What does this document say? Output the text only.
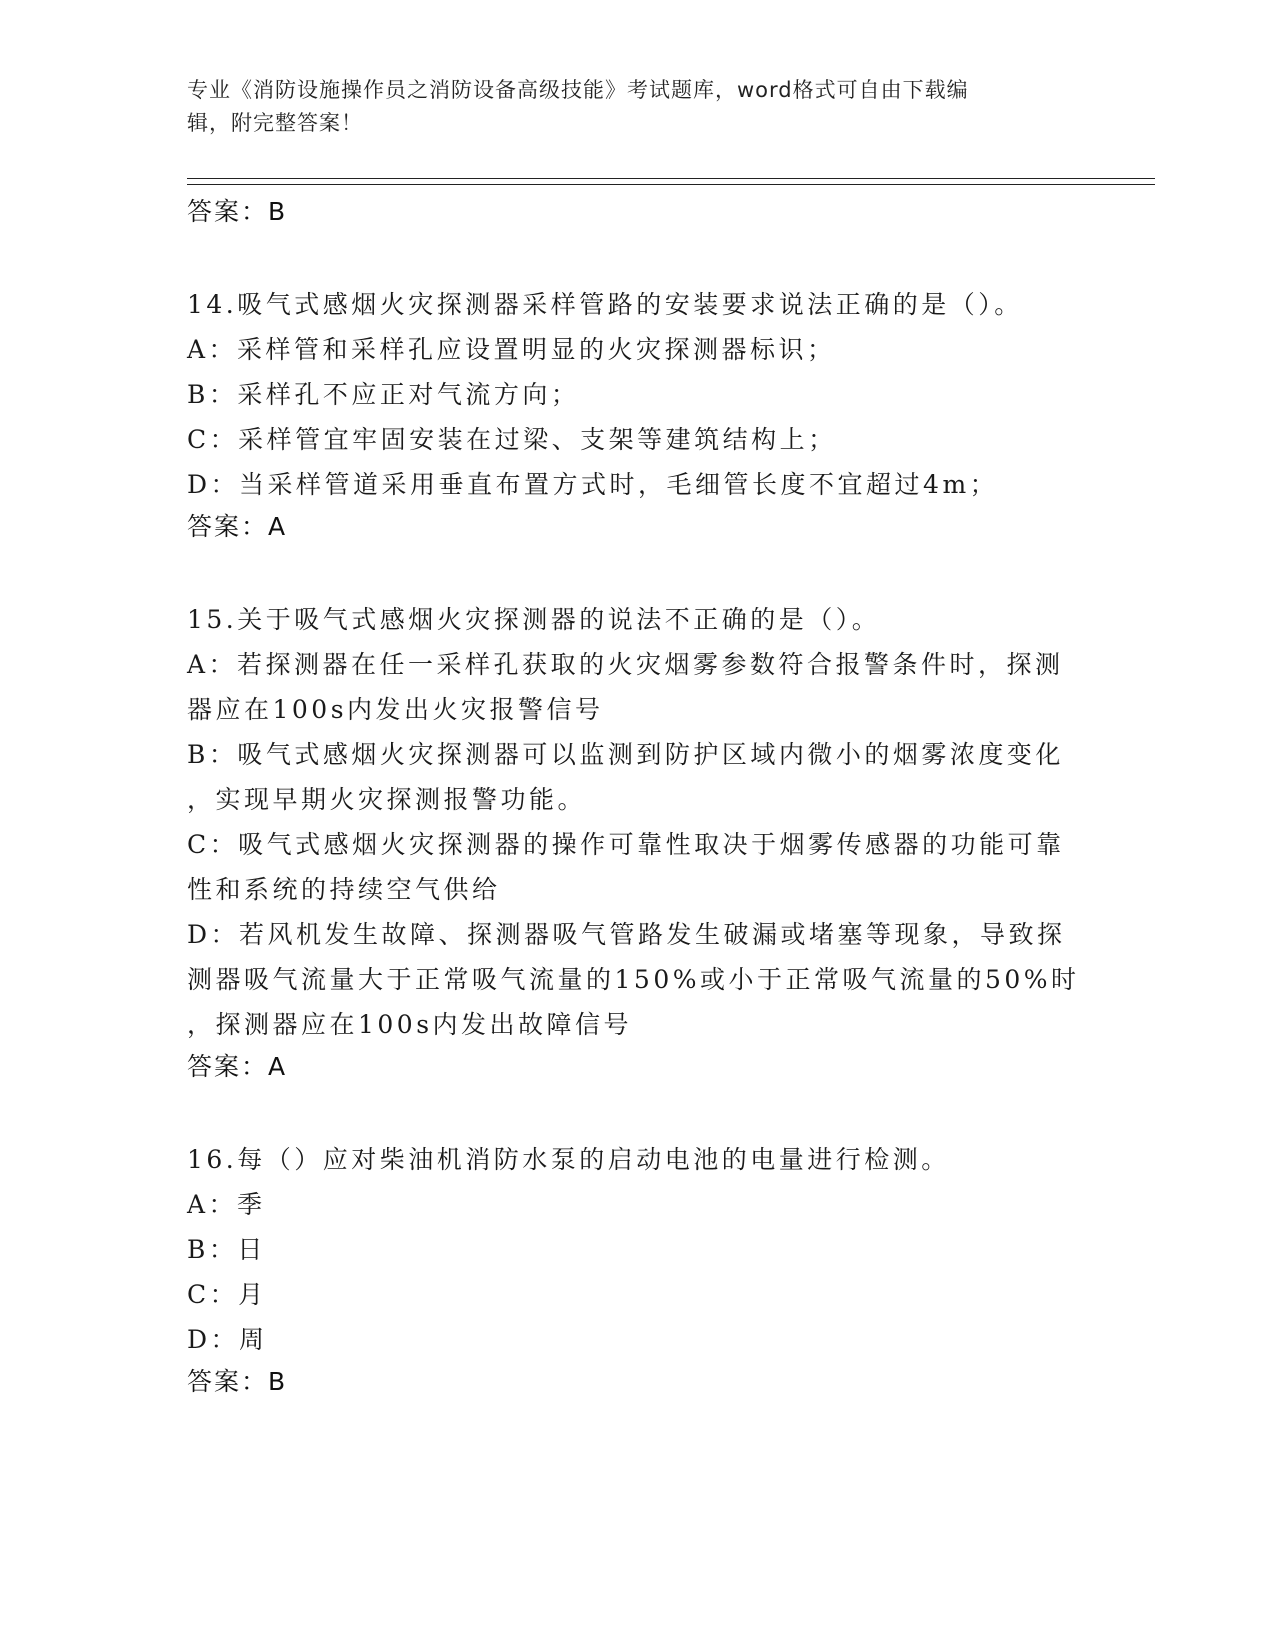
专业《消防设施操作员之消防设备高级技能》考试题库，word格式可自由下载编
辑，附完整答案！

答案：B

14.吸气式感烟火灾探测器采样管路的安装要求说法正确的是（）。

A：采样管和采样孔应设置明显的火灾探测器标识；

B：采样孔不应正对气流方向；

C：采样管宜牢固安装在过梁、支架等建筑结构上；

D：当采样管道采用垂直布置方式时，毛细管长度不宜超过4m；

答案：A

15.关于吸气式感烟火灾探测器的说法不正确的是（）。

A：若探测器在任一采样孔获取的火灾烟雾参数符合报警条件时，探测

器应在100s内发出火灾报警信号

B：吸气式感烟火灾探测器可以监测到防护区域内微小的烟雾浓度变化

，实现早期火灾探测报警功能。

C：吸气式感烟火灾探测器的操作可靠性取决于烟雾传感器的功能可靠

性和系统的持续空气供给

D：若风机发生故障、探测器吸气管路发生破漏或堵塞等现象，导致探

测器吸气流量大于正常吸气流量的150%或小于正常吸气流量的50%时

，探测器应在100s内发出故障信号

答案：A

16.每（）应对柴油机消防水泵的启动电池的电量进行检测。

A：季

B：日

C：月

D：周

答案：B
